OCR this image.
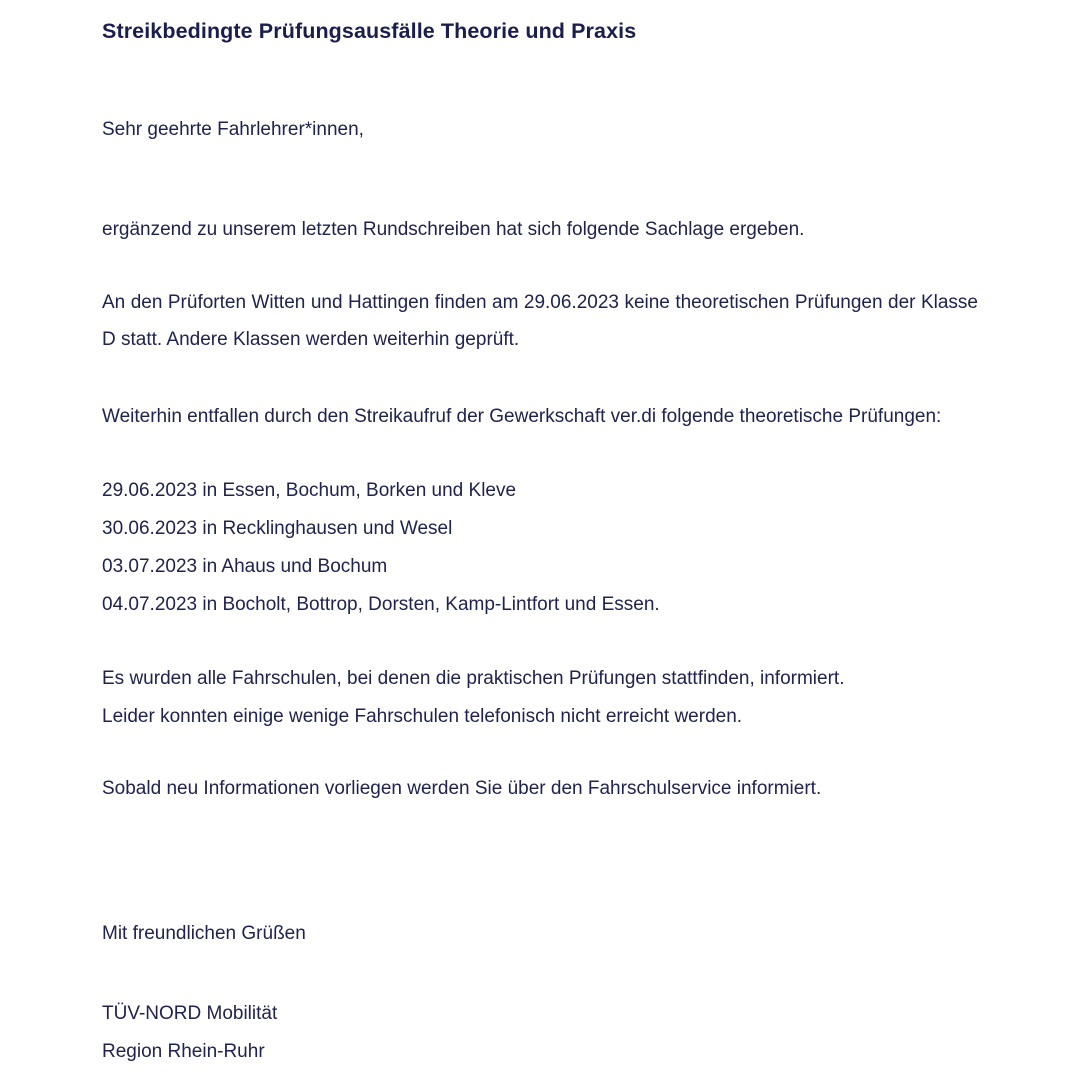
Streikbedingte Prüfungsausfälle Theorie und Praxis

Sehr geehrte Fahrlehrer*innen,

ergänzend zu unserem letzten Rundschreiben hat sich folgende Sachlage ergeben.

An den Prüforten Witten und Hattingen finden am 29.06.2023 keine theoretischen Prüfungen der Klasse D statt. Andere Klassen werden weiterhin geprüft.

Weiterhin entfallen durch den Streikaufruf der Gewerkschaft ver.di folgende theoretische Prüfungen:

29.06.2023 in Essen, Bochum, Borken und Kleve
30.06.2023 in Recklinghausen und Wesel
03.07.2023 in Ahaus und Bochum
04.07.2023 in Bocholt, Bottrop, Dorsten, Kamp-Lintfort und Essen.

Es wurden alle Fahrschulen, bei denen die praktischen Prüfungen stattfinden, informiert.
Leider konnten einige wenige Fahrschulen telefonisch nicht erreicht werden.

Sobald neu Informationen vorliegen werden Sie über den Fahrschulservice informiert.

Mit freundlichen Grüßen

TÜV-NORD Mobilität
Region Rhein-Ruhr
